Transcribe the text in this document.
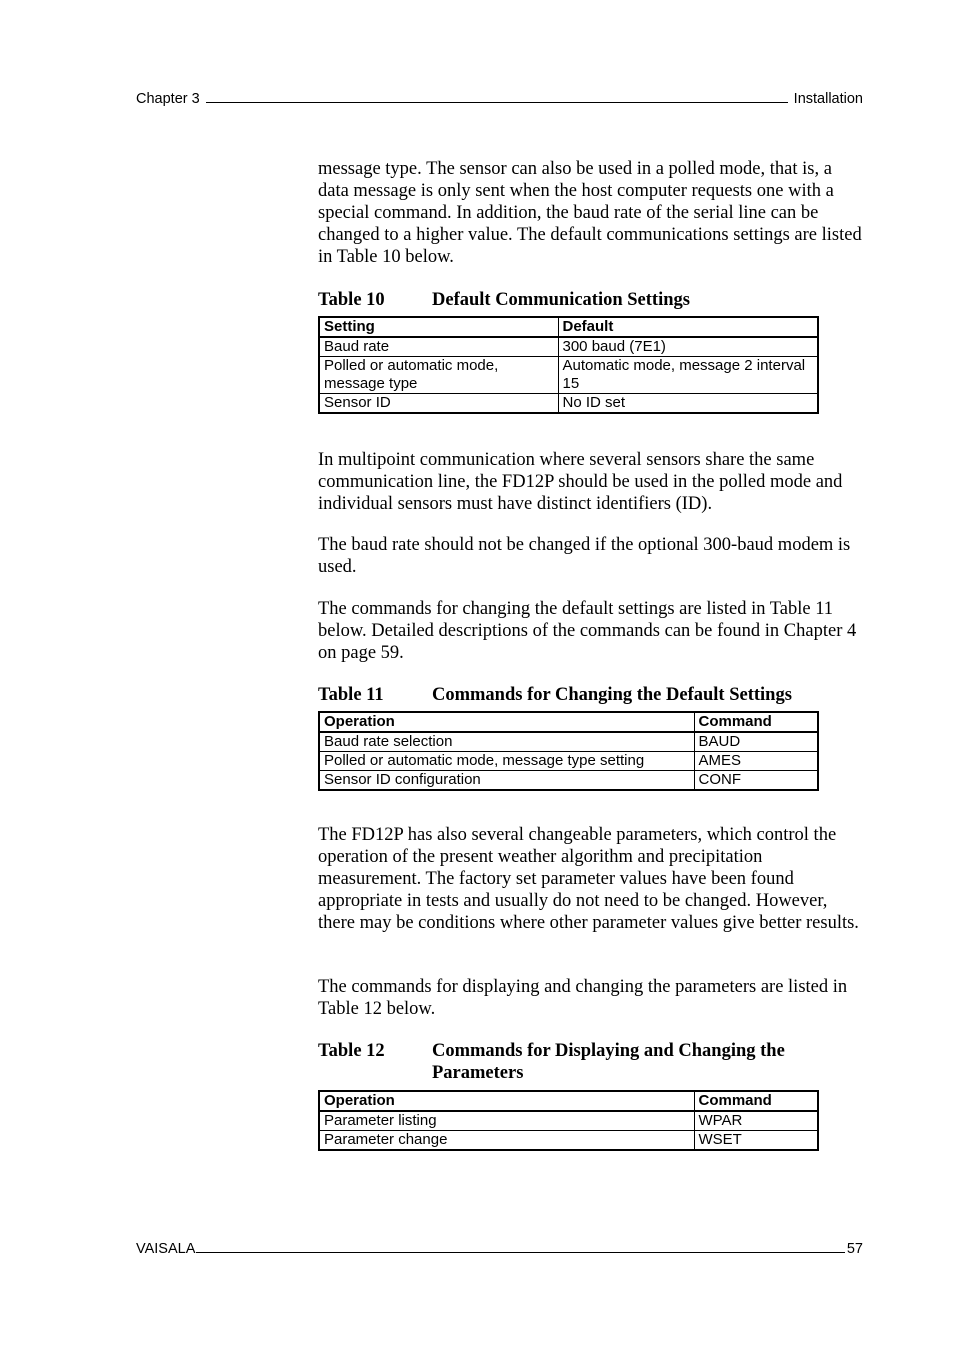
Chapter 3	Installation

message type. The sensor can also be used in a polled mode, that is, a data message is only sent when the host computer requests one with a special command. In addition, the baud rate of the serial line can be changed to a higher value. The default communications settings are listed in Table 10 below.

Table 10	Default Communication Settings
Setting	Default
Baud rate	300 baud (7E1)
Polled or automatic mode, message type	Automatic mode, message 2 interval 15
Sensor ID	No ID set

In multipoint communication where several sensors share the same communication line, the FD12P should be used in the polled mode and individual sensors must have distinct identifiers (ID).

The baud rate should not be changed if the optional 300-baud modem is used.

The commands for changing the default settings are listed in Table 11 below. Detailed descriptions of the commands can be found in Chapter 4 on page 59.

Table 11	Commands for Changing the Default Settings
Operation	Command
Baud rate selection	BAUD
Polled or automatic mode, message type setting	AMES
Sensor ID configuration	CONF

The FD12P has also several changeable parameters, which control the operation of the present weather algorithm and precipitation measurement. The factory set parameter values have been found appropriate in tests and usually do not need to be changed. However, there may be conditions where other parameter values give better results.

The commands for displaying and changing the parameters are listed in Table 12 below.

Table 12	Commands for Displaying and Changing the Parameters
Operation	Command
Parameter listing	WPAR
Parameter change	WSET
VAISALA	57
